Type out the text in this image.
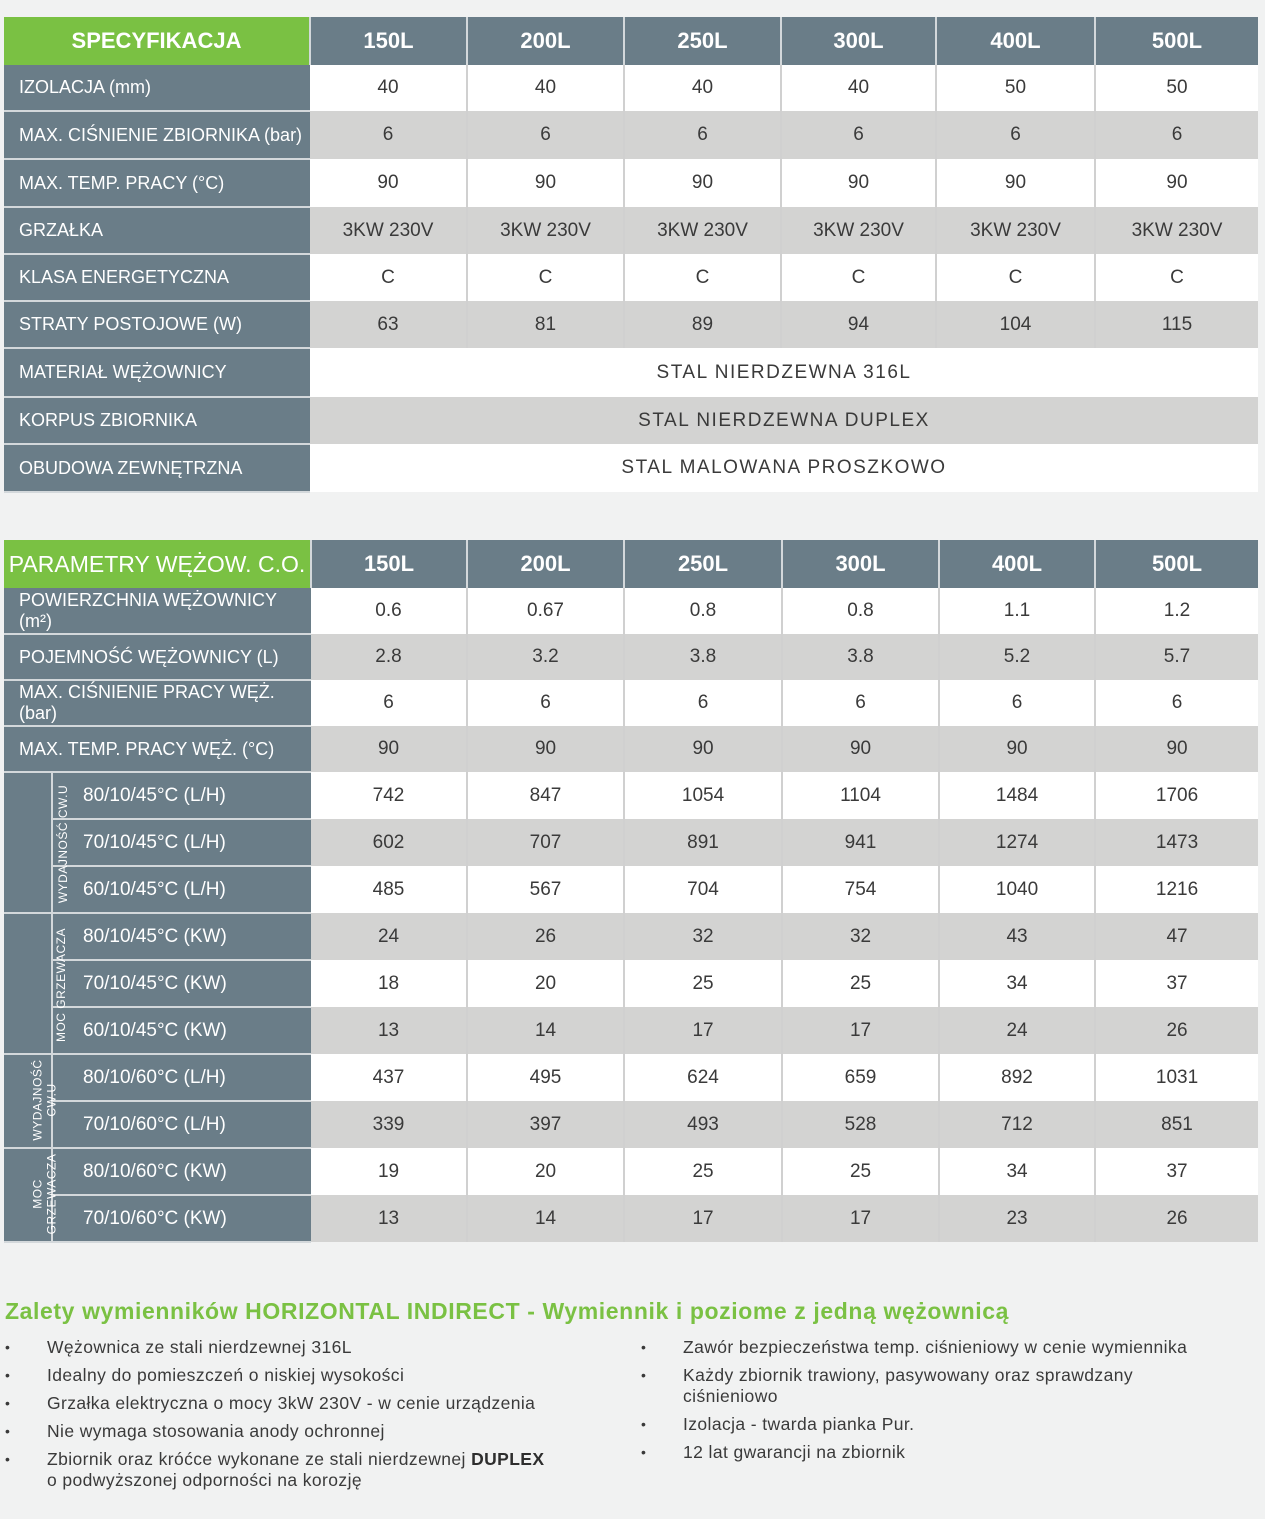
SPECYFIKACJA	150L	200L	250L	300L	400L	500L
IZOLACJA (mm)	40	40	40	40	50	50
MAX. CIŚNIENIE ZBIORNIKA (bar)	6	6	6	6	6	6
MAX. TEMP. PRACY (°C)	90	90	90	90	90	90
GRZAŁKA	3KW 230V	3KW 230V	3KW 230V	3KW 230V	3KW 230V	3KW 230V
KLASA ENERGETYCZNA	C	C	C	C	C	C
STRATY POSTOJOWE (W)	63	81	89	94	104	115
MATERIAŁ WĘŻOWNICY	STAL NIERDZEWNA 316L					
KORPUS ZBIORNIKA	STAL NIERDZEWNA DUPLEX					
OBUDOWA ZEWNĘTRZNA	STAL MALOWANA PROSZKOWO					
PARAMETRY WĘŻOW. C.O.		150L	200L	250L	300L	400L	500L
POWIERZCHNIA WĘŻOWNICY (m²)		0.6	0.67	0.8	0.8	1.1	1.2
POJEMNOŚĆ WĘŻOWNICY (L)		2.8	3.2	3.8	3.8	5.2	5.7
MAX. CIŚNIENIE PRACY WĘŻ. (bar)		6	6	6	6	6	6
MAX. TEMP. PRACY WĘŻ. (°C)		90	90	90	90	90	90
WYDAJNOŚĆ CW.U	80/10/45°C (L/H)	742	847	1054	1104	1484	1706
	70/10/45°C (L/H)	602	707	891	941	1274	1473
	60/10/45°C (L/H)	485	567	704	754	1040	1216
MOC GRZEWACZA	80/10/45°C (KW)	24	26	32	32	43	47
	70/10/45°C (KW)	18	20	25	25	34	37
	60/10/45°C (KW)	13	14	17	17	24	26
WYDAJNOŚĆ
CW.U	80/10/60°C (L/H)	437	495	624	659	892	1031
	70/10/60°C (L/H)	339	397	493	528	712	851
MOC
GRZEWACZA	80/10/60°C (KW)	19	20	25	25	34	37
	70/10/60°C (KW)	13	14	17	17	23	26
Zalety wymienników HORIZONTAL INDIRECT - Wymiennik i poziome z jedną wężownicą
• Wężownica ze stali nierdzewnej 316L
• Idealny do pomieszczeń o niskiej wysokości
• Grzałka elektryczna o mocy 3kW 230V - w cenie urządzenia
• Nie wymaga stosowania anody ochronnej
• Zbiornik oraz króćce wykonane ze stali nierdzewnej DUPLEX
o podwyższonej odporności na korozję
• Zawór bezpieczeństwa temp. ciśnieniowy w cenie wymiennika
• Każdy zbiornik trawiony, pasywowany oraz sprawdzany ciśnieniowo
• Izolacja - twarda pianka Pur.
• 12 lat gwarancji na zbiornik
